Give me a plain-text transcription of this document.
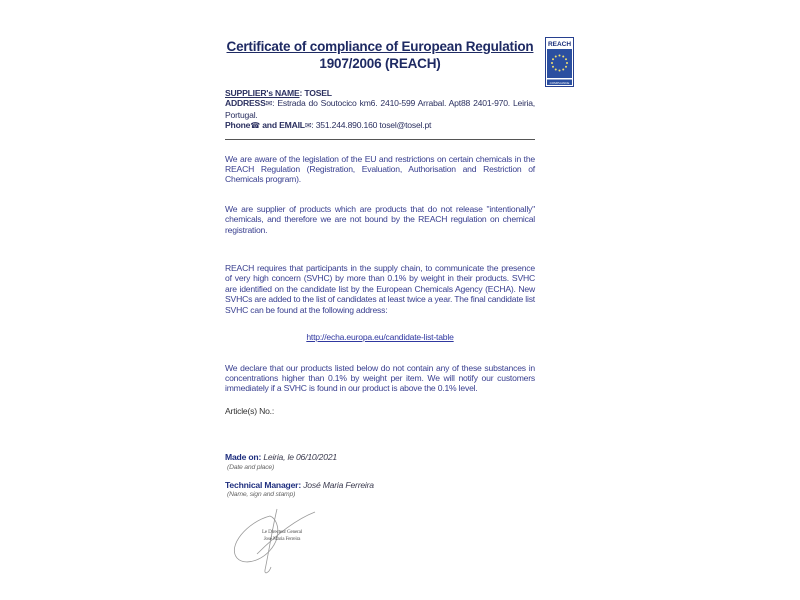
REACH
COMPLIANCE
Certificate of compliance of European Regulation
1907/2006 (REACH)
SUPPLIER's NAME: TOSEL
ADDRESS✉: Estrada do Soutocico km6. 2410-599 Arrabal. Apt88 2401-970. Leiria, Portugal.
Phone☎ and EMAIL✉: 351.244.890.160 tosel@tosel.pt
We are aware of the legislation of the EU and restrictions on certain chemicals in the REACH Regulation (Registration, Evaluation, Authorisation and Restriction of Chemicals program).
We are supplier of products which are products that do not release "intentionally" chemicals, and therefore we are not bound by the REACH regulation on chemical registration.
REACH requires that participants in the supply chain, to communicate the presence of very high concern (SVHC) by more than 0.1% by weight in their products. SVHC are identified on the candidate list by the European Chemicals Agency (ECHA). New SVHCs are added to the list of candidates at least twice a year. The final candidate list SVHC can be found at the following address:
http://echa.europa.eu/candidate-list-table
We declare that our products listed below do not contain any of these substances in concentrations higher than 0.1% by weight per item. We will notify our customers immediately if a SVHC is found in our product is above the 0.1% level.
Article(s) No.:
Made on: Leiria, le 06/10/2021
(Date and place)
Technical Manager: José Maria Ferreira
(Name, sign and stamp)
Le Directeur General
José Maria Ferreira
